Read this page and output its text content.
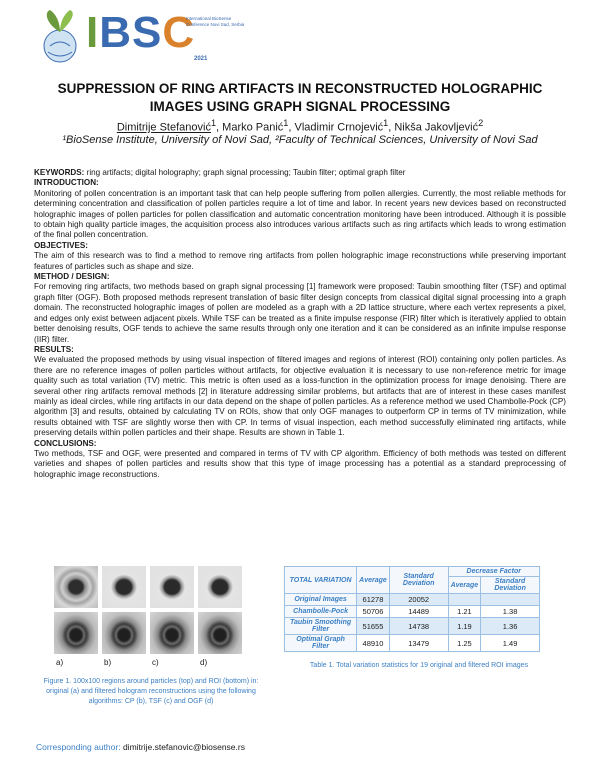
IBSC
International BioSense Conference Novi Sad, Serbia
2021
SUPPRESSION OF RING ARTIFACTS IN RECONSTRUCTED HOLOGRAPHIC IMAGES USING GRAPH SIGNAL PROCESSING
Dimitrije Stefanović$^1$, Marko Panić$^1$, Vladimir Crnojević$^1$, Nikša Jakovljević$^2$
¹BioSense Institute, University of Novi Sad, ²Faculty of Technical Sciences, University of Novi Sad

KEYWORDS: ring artifacts; digital holography; graph signal processing; Taubin filter; optimal graph filter

INTRODUCTION:

Monitoring of pollen concentration is an important task that can help people suffering from pollen allergies. Currently, the most reliable methods for determining concentration and classification of pollen particles require a lot of time and labor. In recent years new devices based on reconstructed holographic images of pollen particles for pollen classification and automatic concentration monitoring have been introduced. Although it is possible to obtain high quality particle images, the acquisition process also introduces various artifacts such as ring artifacts which leads to wrong estimation of the final pollen concentration.

OBJECTIVES:

The aim of this research was to find a method to remove ring artifacts from pollen holographic image reconstructions while preserving important features of particles such as shape and size.

METHOD / DESIGN:

For removing ring artifacts, two methods based on graph signal processing [1] framework were proposed: Taubin smoothing filter (TSF) and optimal graph filter (OGF). Both proposed methods represent translation of basic filter design concepts from classical digital signal processing into a graph domain. The reconstructed holographic images of pollen are modeled as a graph with a 2D lattice structure, where each vertex represents a pixel, and edges only exist between adjacent pixels. While TSF can be treated as a finite impulse response (FIR) filter which is iteratively applied to obtain better denoising results, OGF tends to achieve the same results through only one iteration and it can be considered as an infinite impulse response (IIR) filter.

RESULTS:

We evaluated the proposed methods by using visual inspection of filtered images and regions of interest (ROI) containing only pollen particles. As there are no reference images of pollen particles without artifacts, for objective evaluation it is necessary to use non-reference metric for image quality such as total variation (TV) metric. This metric is often used as a loss-function in the optimization process for image denoising. There are several other ring artifacts removal methods [2] in literature addressing similar problems, but artifacts that are of interest in these cases manifest mainly as ideal circles, while ring artifacts in our data depend on the shape of pollen particles. As a reference method we used Chambolle-Pock (CP) algorithm [3] and results, obtained by calculating TV on ROIs, show that only OGF manages to outperform CP in terms of TV minimization, while results obtained with TSF are slightly worse then with CP. In terms of visual inspection, each method successfully eliminated ring artifacts, while preserving details within pollen particles and their shape. Results are shown in Table 1.

CONCLUSIONS:

Two methods, TSF and OGF, were presented and compared in terms of TV with CP algorithm. Efficiency of both methods was tested on different varieties and shapes of pollen particles and results show that this type of image processing has a potential as a standard preprocessing of holographic image reconstructions.

a)	b)	c)	d)
Figure 1. 100x100 regions around particles (top) and ROI (bottom) in: original (a) and filtered hologram reconstructions using the following algorithms: CP (b), TSF (c) and OGF (d)
TOTAL VARIATION	Average	Standard Deviation	Decrease Factor	
			Average	Standard Deviation
Original Images	61278	20052		
Chambolle-Pock	50706	14489	1.21	1.38
Taubin Smoothing Filter	51655	14738	1.19	1.36
Optimal Graph Filter	48910	13479	1.25	1.49
Table 1. Total variation statistics for 19 original and filtered ROI images
Corresponding author: dimitrije.stefanovic@biosense.rs
